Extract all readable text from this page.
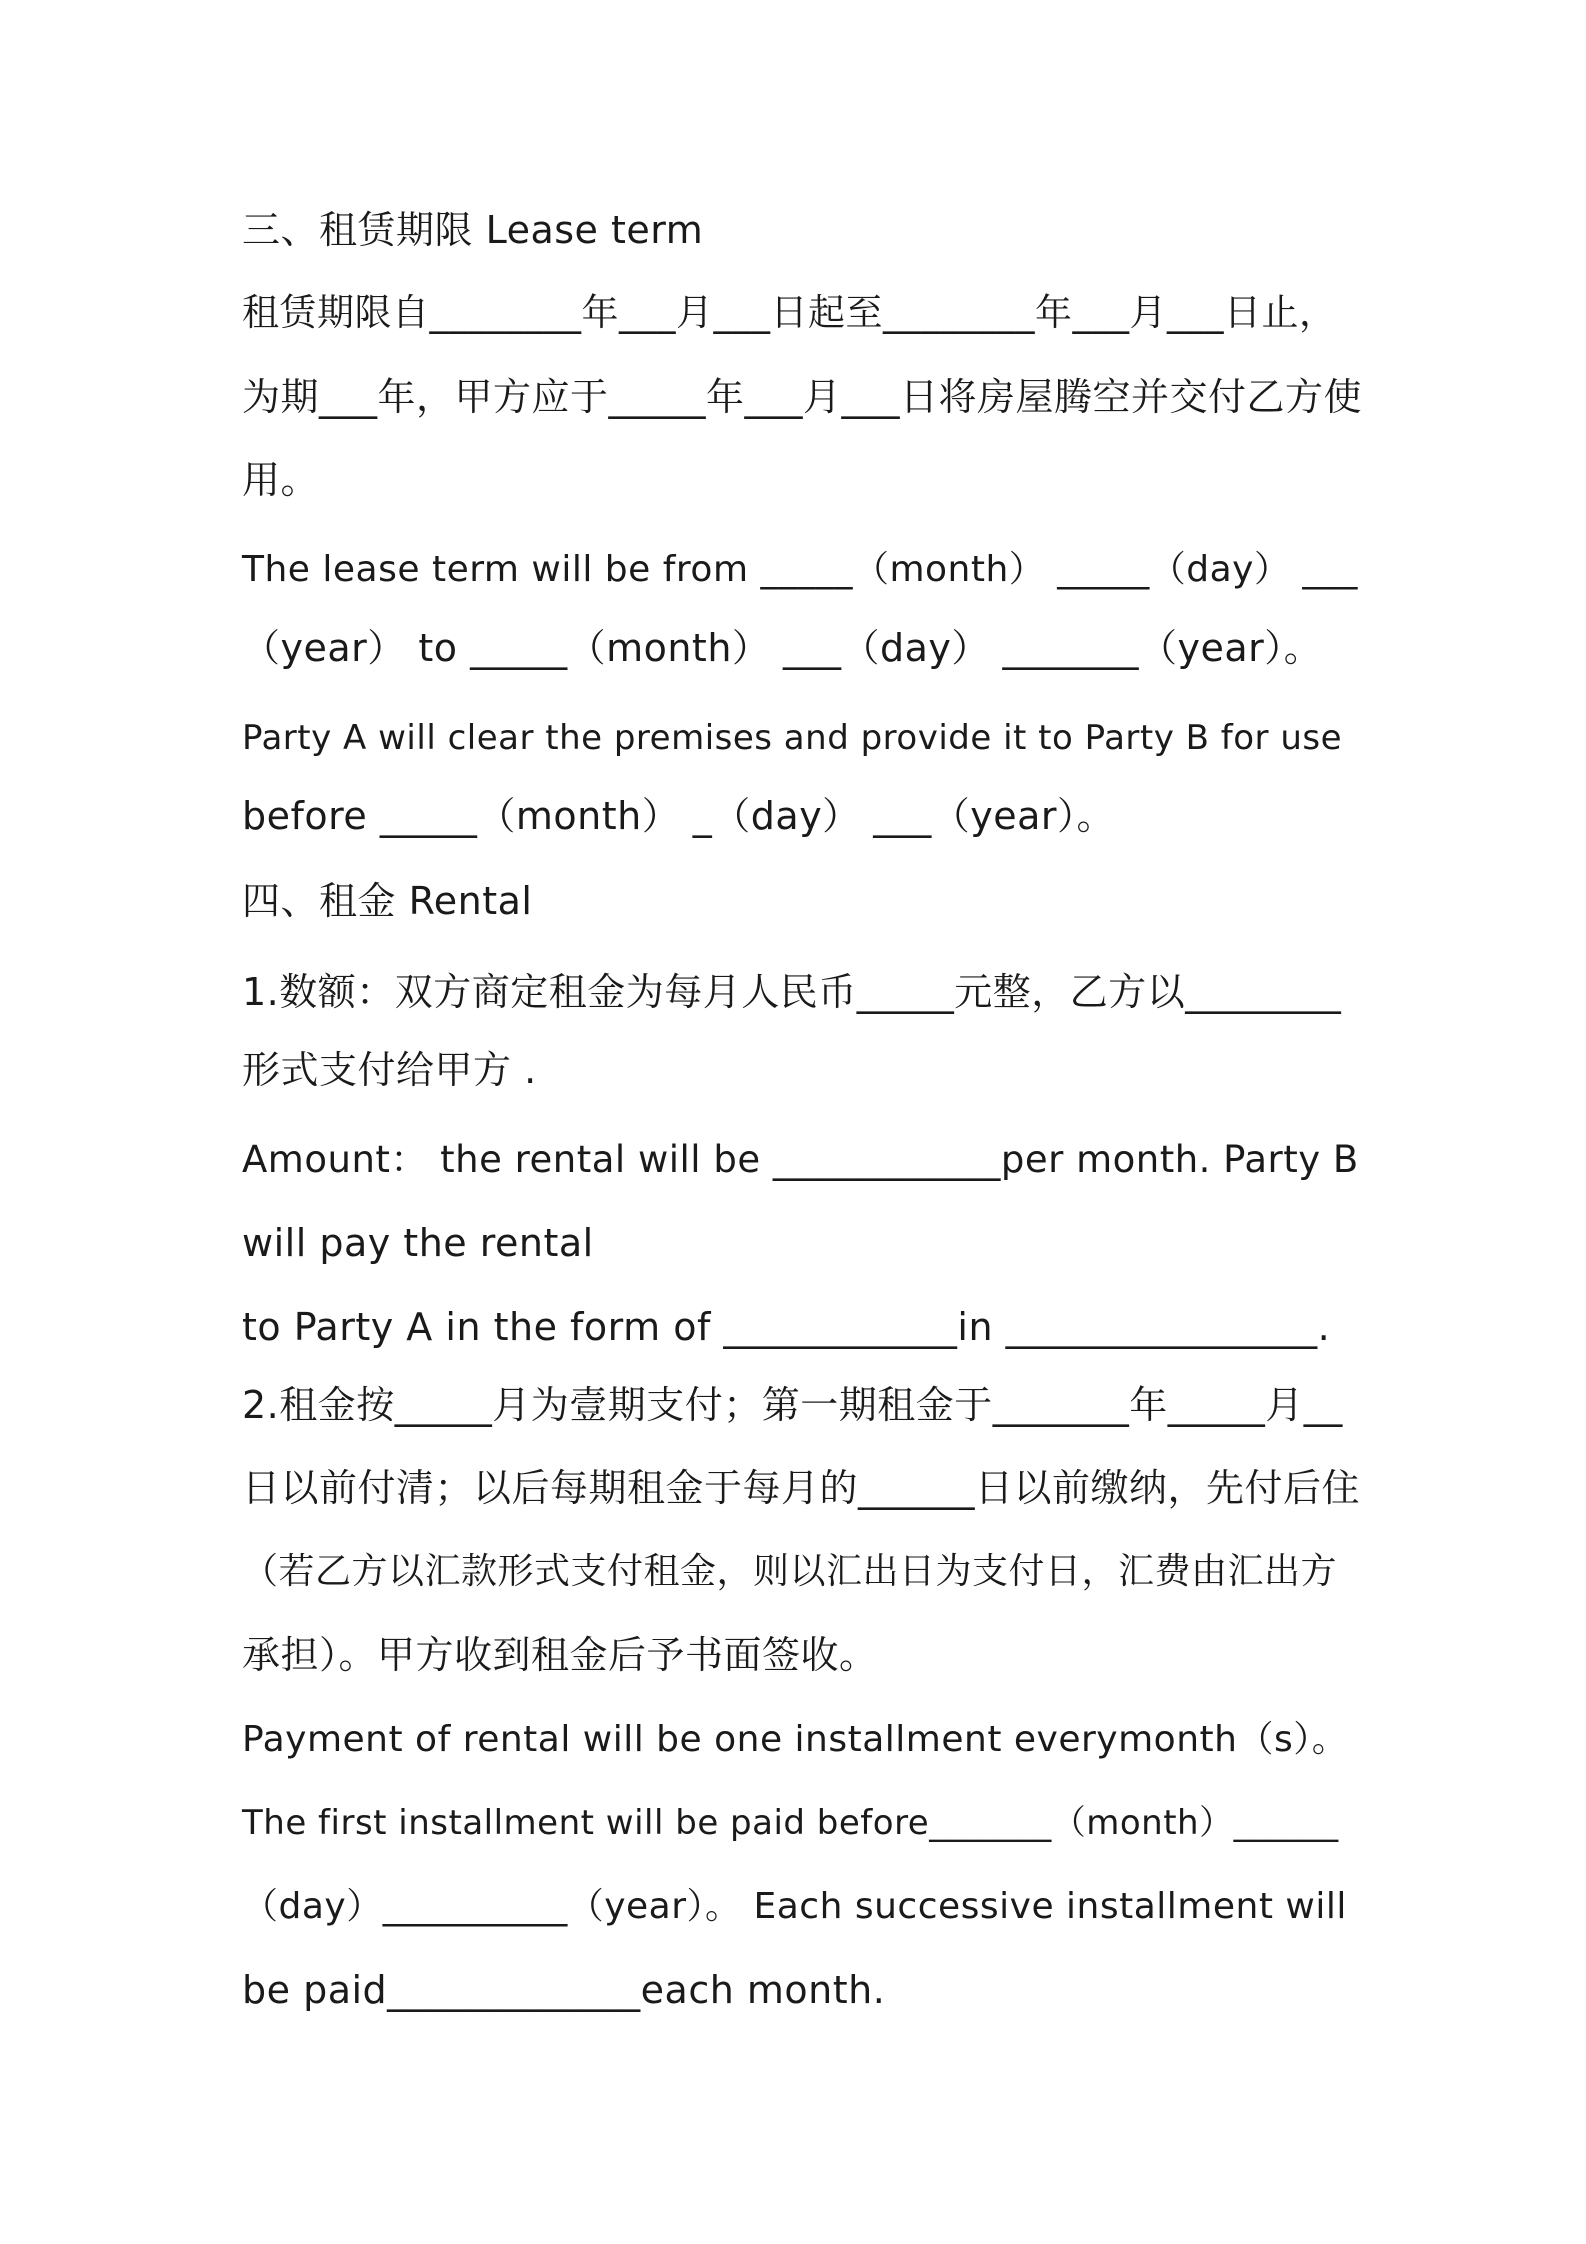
三、租赁期限 Lease term
租赁期限自________年___月___日起至________年___月___日止，
为期___年，甲方应于_____年___月___日将房屋腾空并交付乙方使
用。
The lease term will be from _____（month） _____（day） ___
（year） to _____（month） ___（day） _______（year）。
Party A will clear the premises and provide it to Party B for use
before _____（month） _（day） ___（year）。
四、租金 Rental
1.数额：双方商定租金为每月人民币_____元整，乙方以________
形式支付给甲方 .
Amount： the rental will be ____________per month. Party B
will pay the rental
to Party A in the form of ____________in ________________.
2.租金按_____月为壹期支付；第一期租金于_______年_____月__
日以前付清；以后每期租金于每月的______日以前缴纳，先付后住
（若乙方以汇款形式支付租金，则以汇出日为支付日，汇费由汇出方
承担）。甲方收到租金后予书面签收。
Payment of rental will be one installment everymonth（s）。
The first installment will be paid before_______（month）______
（day）__________（year）。 Each successive installment will
be paid_____________each month.
